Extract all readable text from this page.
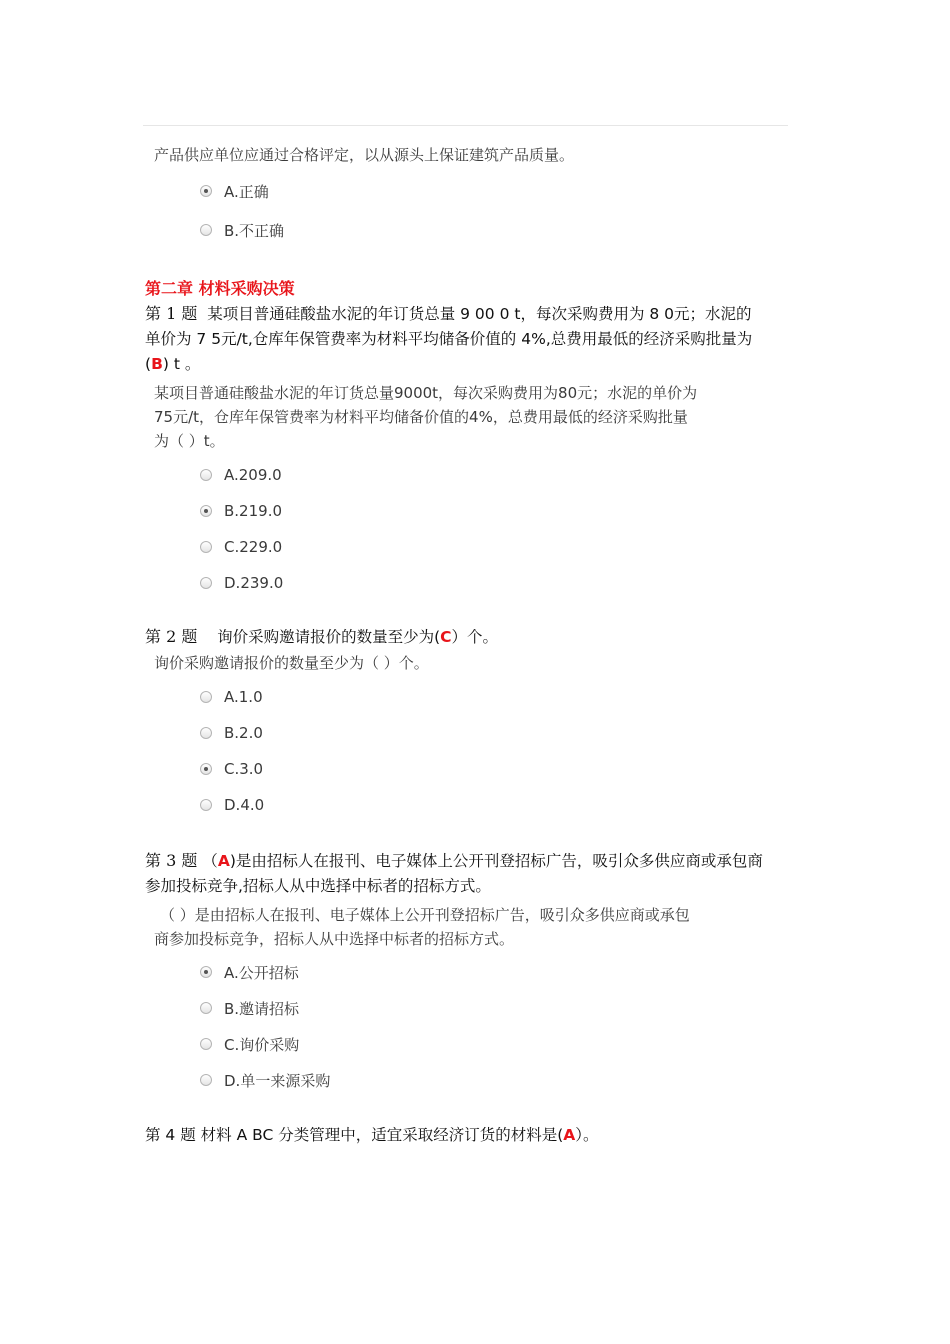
产品供应单位应通过合格评定，以从源头上保证建筑产品质量。
A.正确
B.不正确
第二章 材料采购决策
第 1 题 某项目普通硅酸盐水泥的年订货总量 9 00 0 t，每次采购费用为 8 0元；水泥的
单价为 7 5元/t,仓库年保管费率为材料平均储备价值的 4%,总费用最低的经济采购批量为
(B) t 。
某项目普通硅酸盐水泥的年订货总量9000t，每次采购费用为80元；水泥的单价为
75元/t，仓库年保管费率为材料平均储备价值的4%，总费用最低的经济采购批量
为（ ）t。
A.209.0
B.219.0
C.229.0
D.239.0
第 2 题 询价采购邀请报价的数量至少为(C）个。
询价采购邀请报价的数量至少为（ ）个。
A.1.0
B.2.0
C.3.0
D.4.0
第 3 题 （A)是由招标人在报刊、电子媒体上公开刊登招标广告，吸引众多供应商或承包商
参加投标竞争,招标人从中选择中标者的招标方式。
（ ）是由招标人在报刊、电子媒体上公开刊登招标广告，吸引众多供应商或承包
商参加投标竞争，招标人从中选择中标者的招标方式。
A.公开招标
B.邀请招标
C.询价采购
D.单一来源采购
第 4 题 材料 A BC 分类管理中，适宜采取经济订货的材料是(A）。
